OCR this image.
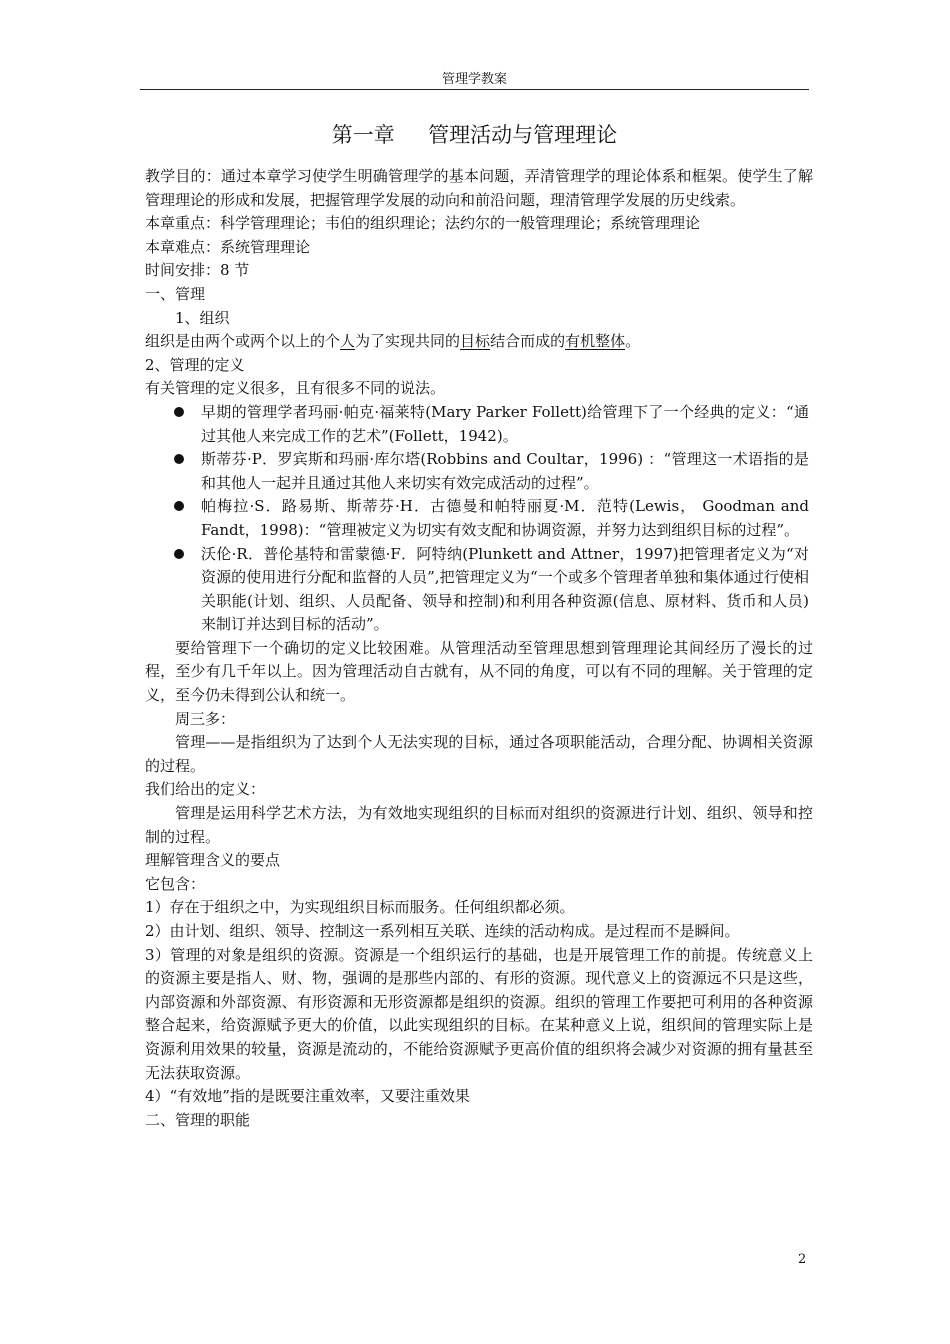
管理学教案
第一章     管理活动与管理理论

教学目的：通过本章学习使学生明确管理学的基本问题，弄清管理学的理论体系和框架。使学生了解管理理论的形成和发展，把握管理学发展的动向和前沿问题，理清管理学发展的历史线索。

本章重点：科学管理理论；韦伯的组织理论；法约尔的一般管理理论；系统管理理论

本章难点：系统管理理论

时间安排：8 节

一、管理

1、组织

组织是由两个或两个以上的个人为了实现共同的目标结合而成的有机整体。

2、管理的定义

有关管理的定义很多，且有很多不同的说法。

早期的管理学者玛丽·帕克·福莱特(Mary Parker Follett)给管理下了一个经典的定义：“通过其他人来完成工作的艺术”(Follett，1942)。
斯蒂芬·P．罗宾斯和玛丽·库尔塔(Robbins and Coultar，1996) ：“管理这一术语指的是和其他人一起并且通过其他人来切实有效完成活动的过程”。
帕梅拉·S．路易斯、斯蒂芬·H．古德曼和帕特丽夏·M．范特(Lewis， Goodman and Fandt，1998)：“管理被定义为切实有效支配和协调资源，并努力达到组织目标的过程”。
沃伦·R．普伦基特和雷蒙德·F．阿特纳(Plunkett and Attner，1997)把管理者定义为“对资源的使用进行分配和监督的人员”,把管理定义为“一个或多个管理者单独和集体通过行使相关职能(计划、组织、人员配备、领导和控制)和利用各种资源(信息、原材料、货币和人员)来制订并达到目标的活动”。

要给管理下一个确切的定义比较困难。从管理活动至管理思想到管理理论其间经历了漫长的过程，至少有几千年以上。因为管理活动自古就有，从不同的角度，可以有不同的理解。关于管理的定义，至今仍未得到公认和统一。

周三多：

管理——是指组织为了达到个人无法实现的目标，通过各项职能活动，合理分配、协调相关资源的过程。

我们给出的定义：

管理是运用科学艺术方法，为有效地实现组织的目标而对组织的资源进行计划、组织、领导和控制的过程。

理解管理含义的要点

它包含：

1）存在于组织之中，为实现组织目标而服务。任何组织都必须。

2）由计划、组织、领导、控制这一系列相互关联、连续的活动构成。是过程而不是瞬间。

3）管理的对象是组织的资源。资源是一个组织运行的基础，也是开展管理工作的前提。传统意义上的资源主要是指人、财、物，强调的是那些内部的、有形的资源。现代意义上的资源远不只是这些，内部资源和外部资源、有形资源和无形资源都是组织的资源。组织的管理工作要把可利用的各种资源整合起来，给资源赋予更大的价值，以此实现组织的目标。在某种意义上说，组织间的管理实际上是资源利用效果的较量，资源是流动的，不能给资源赋予更高价值的组织将会减少对资源的拥有量甚至无法获取资源。

4）“有效地”指的是既要注重效率，又要注重效果

二、管理的职能

2
